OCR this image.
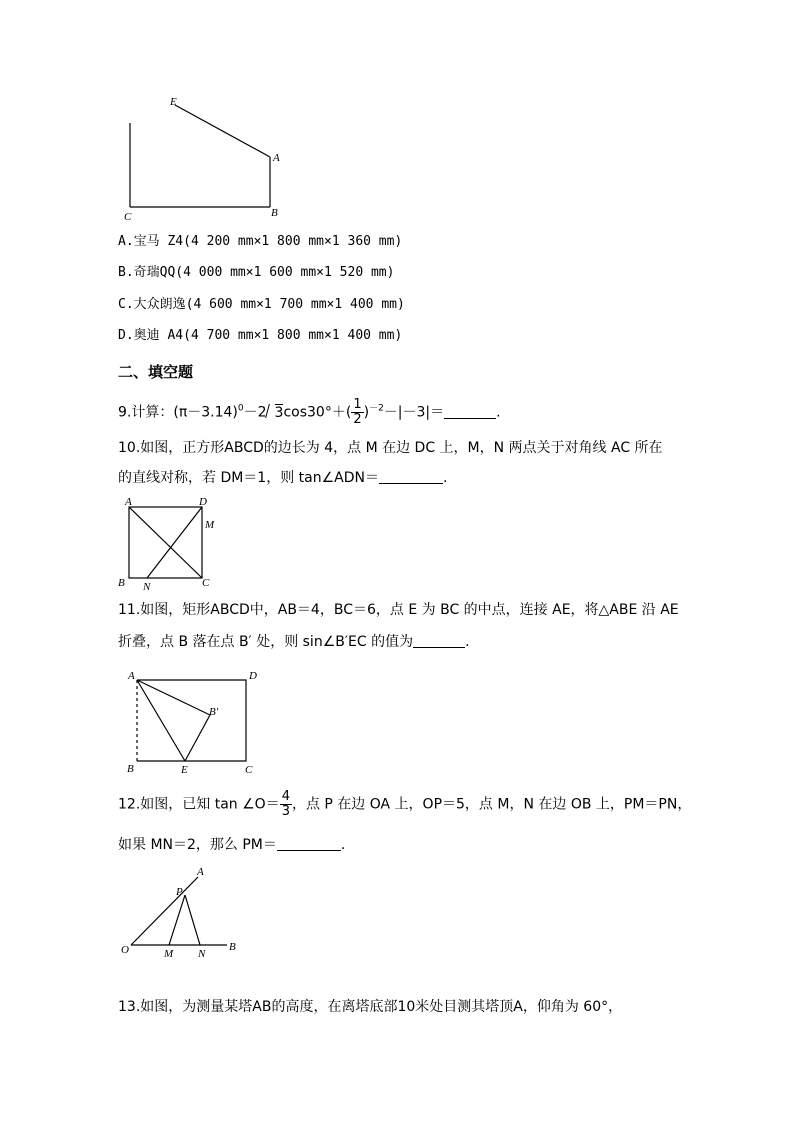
E
A
C	B
A.宝马 Z4(4 200 mm×1 800 mm×1 360 mm)
B.奇瑞QQ(4 000 mm×1 600 mm×1 520 mm)
C.大众朗逸(4 600 mm×1 700 mm×1 400 mm)
D.奥迪 A4(4 700 mm×1 800 mm×1 400 mm)
二、填空题
9.计算：$(\pi-3.14)^0-2$ $3\cos 30^\circ+( \frac{1}{2} )^{-2}-|-3|=$	.
10.如图，正方形ABCD的边长为 4，点 M 在边 DC 上，M，N 两点关于对角线 AC 所在
的直线对称，若 DM＝1，则 tan∠ADN＝	.
A	D
M
B N	C
11.如图，矩形ABCD中，AB＝4，BC＝6，点 E 为 BC 的中点，连接 AE，将△ABE 沿 AE
折叠，点 B 落在点 B′ 处，则 sin∠B′EC 的值为	.
A	D
B′
B	E	C
12.如图，已知 tan ∠O＝ $\frac{4}{3}$ ，点 P 在边 OA 上，OP＝5，点 M，N 在边 OB 上，PM＝PN，
如果 MN＝2，那么 PM＝	.
A
P
O	M N
B
13.如图，为测量某塔AB的高度，在离塔底部10米处目测其塔顶A，仰角为 60°，
